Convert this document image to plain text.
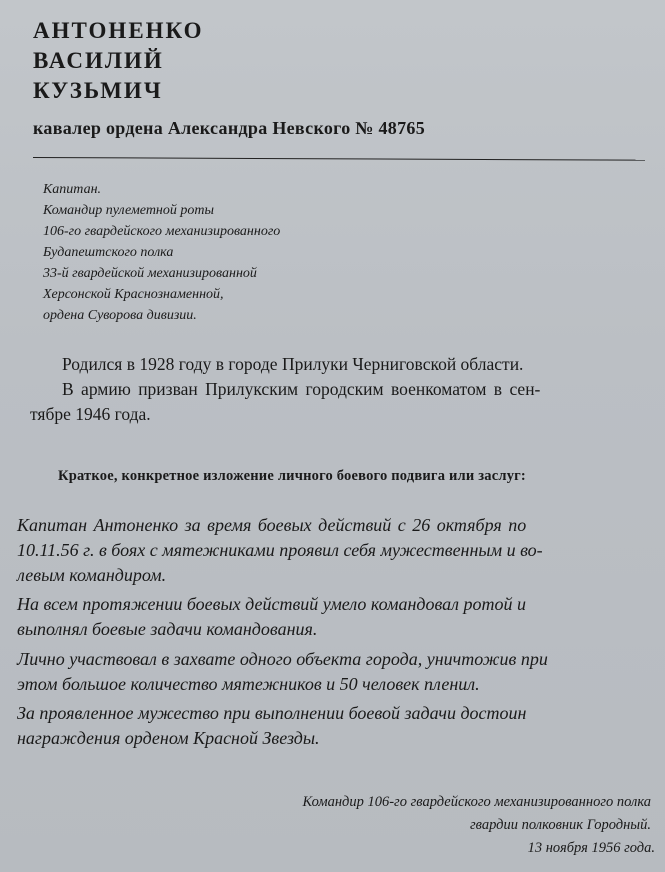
АНТОНЕНКО
ВАСИЛИЙ
КУЗЬМИЧ
кавалер ордена Александра Невского № 48765
Капитан.
Командир пулеметной роты
106-го гвардейского механизированного
Будапештского полка
33-й гвардейской механизированной
Херсонской Краснознаменной,
ордена Суворова дивизии.
Родился в 1928 году в городе Прилуки Черниговской области.
В армию призван Прилукским городским военкоматом в сен-
тябре 1946 года.
Краткое, конкретное изложение личного боевого подвига или заслуг:
Капитан Антоненко за время боевых действий с 26 октября по
10.11.56 г. в боях с мятежниками проявил себя мужественным и во-
левым командиром.
На всем протяжении боевых действий умело командовал ротой и
выполнял боевые задачи командования.
Лично участвовал в захвате одного объекта города, уничтожив при
этом большое количество мятежников и 50 человек пленил.
За проявленное мужество при выполнении боевой задачи достоин
награждения орденом Красной Звезды.
Командир 106-го гвардейского механизированного полка
гвардии полковник Городный.
13 ноября 1956 года.
